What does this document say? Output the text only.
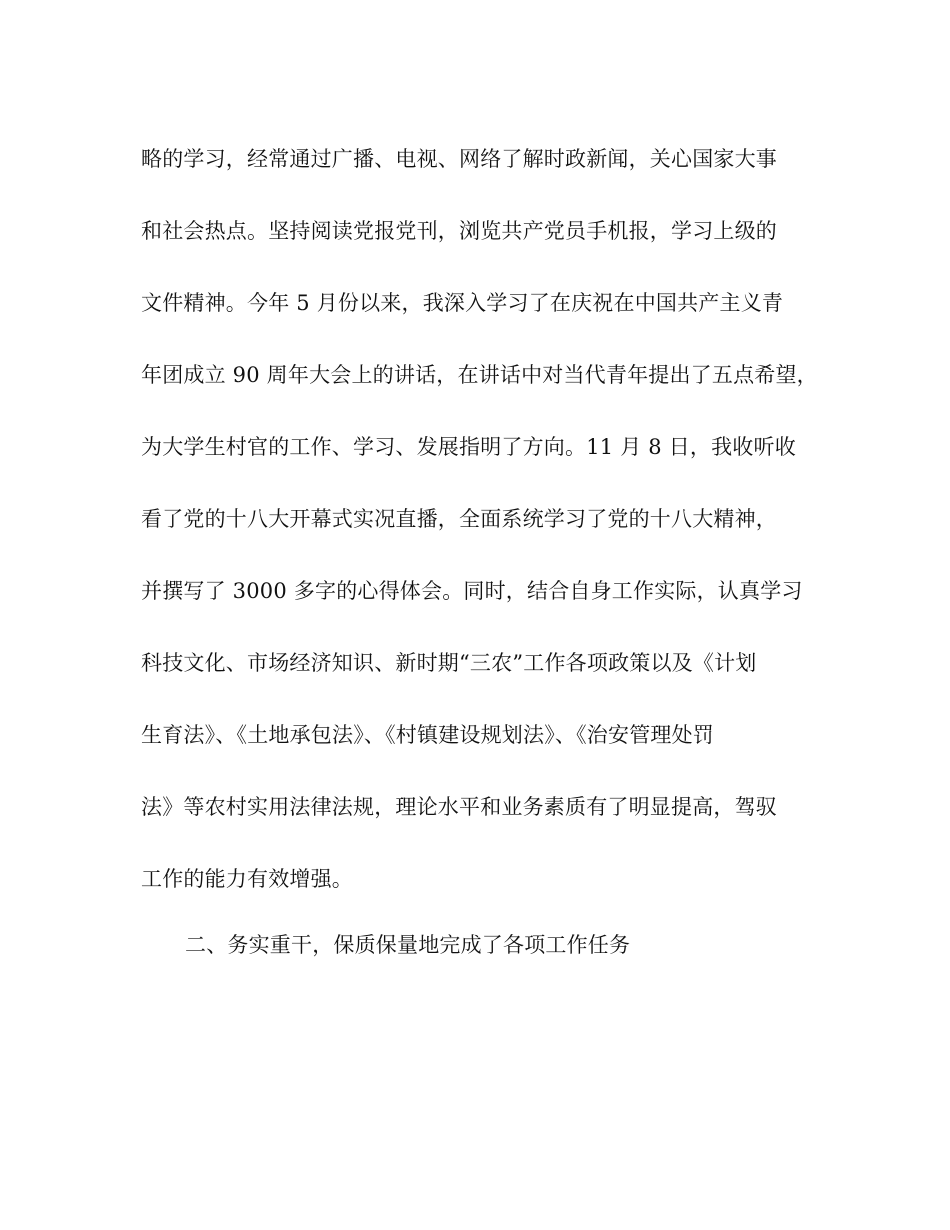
略的学习，经常通过广播、电视、网络了解时政新闻，关心国家大事
和社会热点。坚持阅读党报党刊，浏览共产党员手机报，学习上级的
文件精神。今年 5 月份以来，我深入学习了在庆祝在中国共产主义青
年团成立 90 周年大会上的讲话，在讲话中对当代青年提出了五点希望，
为大学生村官的工作、学习、发展指明了方向。11 月 8 日，我收听收
看了党的十八大开幕式实况直播，全面系统学习了党的十八大精神，
并撰写了 3000 多字的心得体会。同时，结合自身工作实际，认真学习
科技文化、市场经济知识、新时期“三农”工作各项政策以及《计划
生育法》、《土地承包法》、《村镇建设规划法》、《治安管理处罚
法》等农村实用法律法规，理论水平和业务素质有了明显提高，驾驭
工作的能力有效增强。
二、务实重干，保质保量地完成了各项工作任务
